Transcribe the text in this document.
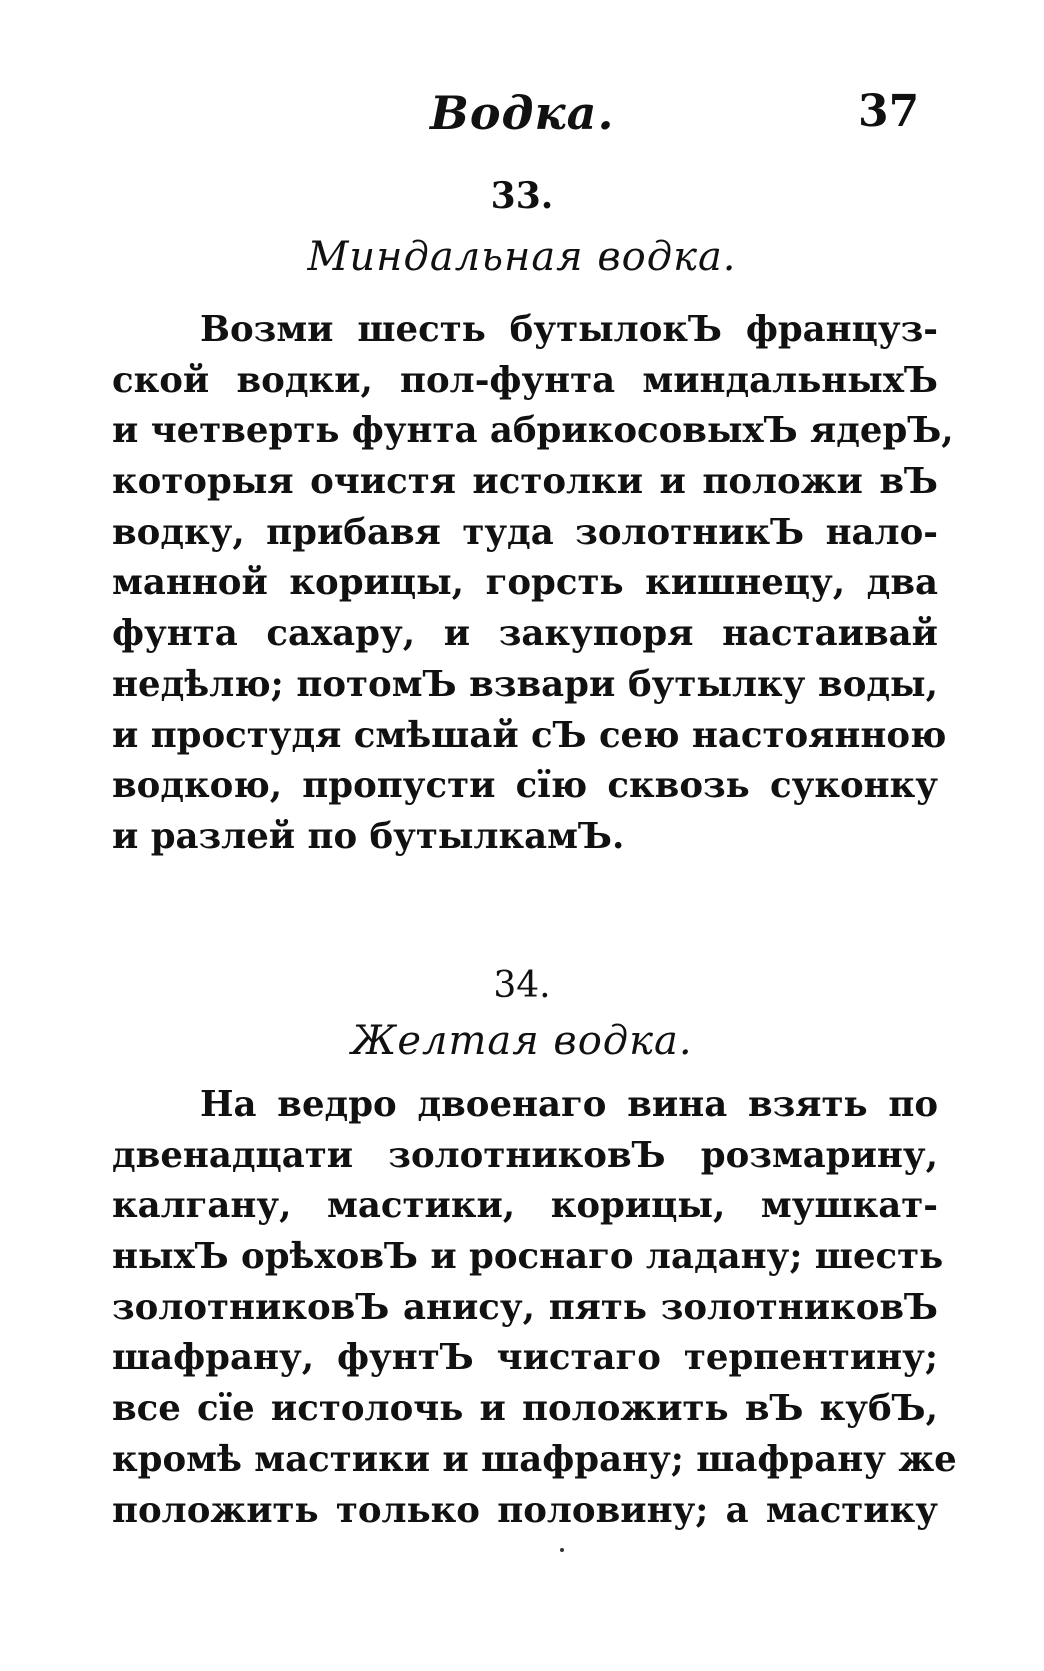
Водка.	37
33.
Миндальная водка.
Возми шесть бутылокЪ француз-
ской водки, пол-фунта миндальныхЪ
и четверть фунта абрикосовыхЪ ядерЪ,
которыя очистя истолки и положи вЪ
водку, прибавя туда золотникЪ нало-
манной корицы, горсть кишнецу, два
фунта сахару, и закупоря настаивай
недѣлю; потомЪ взвари бутылку воды,
и простудя смѣшай сЪ сею настоянною
водкою, пропусти сїю сквозь суконку
и разлей по бутылкамЪ.
34.
Желтая водка.
На ведро двоенаго вина взять по
двенадцати золотниковЪ розмарину,
калгану, мастики, корицы, мушкат-
ныхЪ орѣховЪ и роснаго ладану; шесть
золотниковЪ анису, пять золотниковЪ
шафрану, фунтЪ чистаго терпентину;
все сїе истолочь и положить вЪ кубЪ,
кромѣ мастики и шафрану; шафрану же
положить только половину; а мастику
